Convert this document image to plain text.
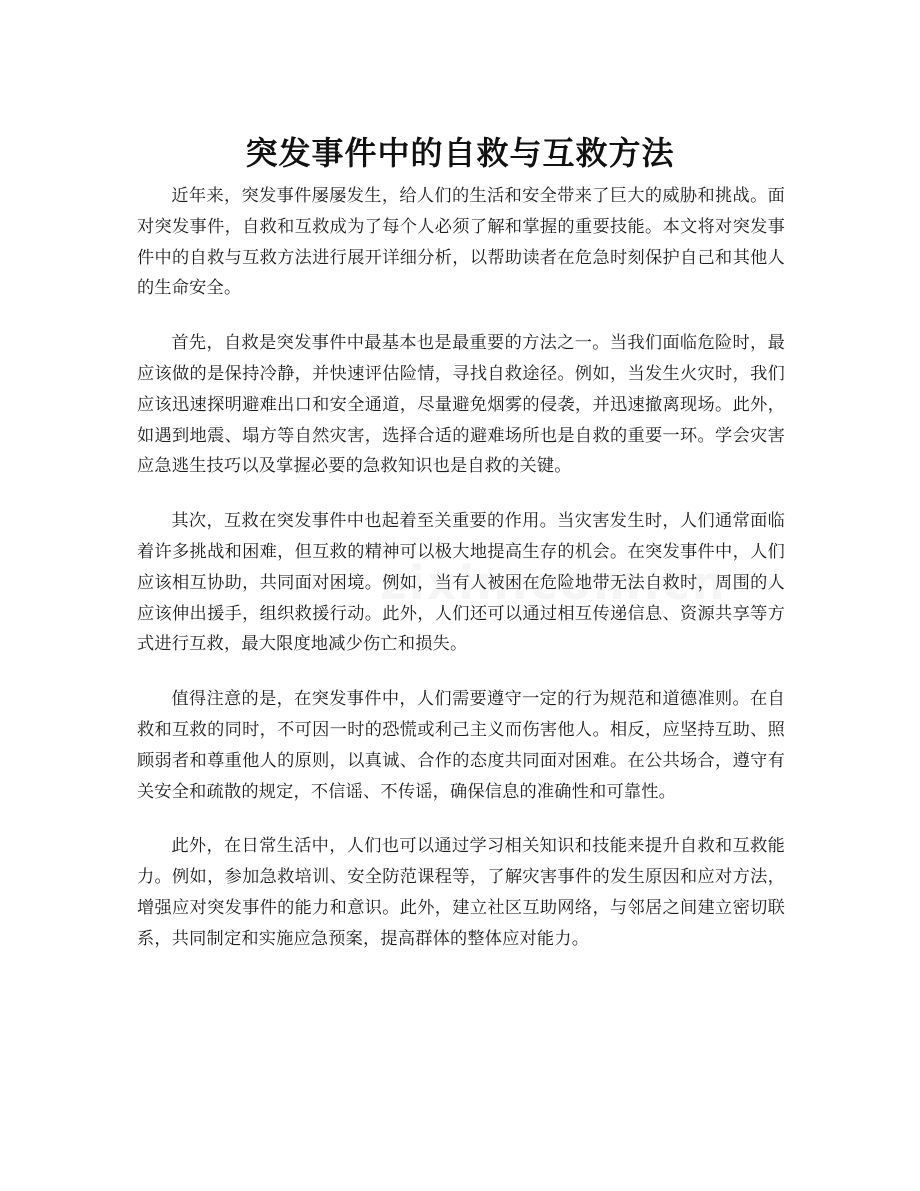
突发事件中的自救与互救方法

近年来，突发事件屡屡发生，给人们的生活和安全带来了巨大的威胁和挑战。面对突发事件，自救和互救成为了每个人必须了解和掌握的重要技能。本文将对突发事件中的自救与互救方法进行展开详细分析，以帮助读者在危急时刻保护自己和其他人的生命安全。

首先，自救是突发事件中最基本也是最重要的方法之一。当我们面临危险时，最应该做的是保持冷静，并快速评估险情，寻找自救途径。例如，当发生火灾时，我们应该迅速探明避难出口和安全通道，尽量避免烟雾的侵袭，并迅速撤离现场。此外，如遇到地震、塌方等自然灾害，选择合适的避难场所也是自救的重要一环。学会灾害应急逃生技巧以及掌握必要的急救知识也是自救的关键。

其次，互救在突发事件中也起着至关重要的作用。当灾害发生时，人们通常面临着许多挑战和困难，但互救的精神可以极大地提高生存的机会。在突发事件中，人们应该相互协助，共同面对困境。例如，当有人被困在危险地带无法自救时，周围的人应该伸出援手，组织救援行动。此外，人们还可以通过相互传递信息、资源共享等方式进行互救，最大限度地减少伤亡和损失。

值得注意的是，在突发事件中，人们需要遵守一定的行为规范和道德准则。在自救和互救的同时，不可因一时的恐慌或利己主义而伤害他人。相反，应坚持互助、照顾弱者和尊重他人的原则，以真诚、合作的态度共同面对困难。在公共场合，遵守有关安全和疏散的规定，不信谣、不传谣，确保信息的准确性和可靠性。

此外，在日常生活中，人们也可以通过学习相关知识和技能来提升自救和互救能力。例如，参加急救培训、安全防范课程等，了解灾害事件的发生原因和应对方法，增强应对突发事件的能力和意识。此外，建立社区互助网络，与邻居之间建立密切联系，共同制定和实施应急预案，提高群体的整体应对能力。
